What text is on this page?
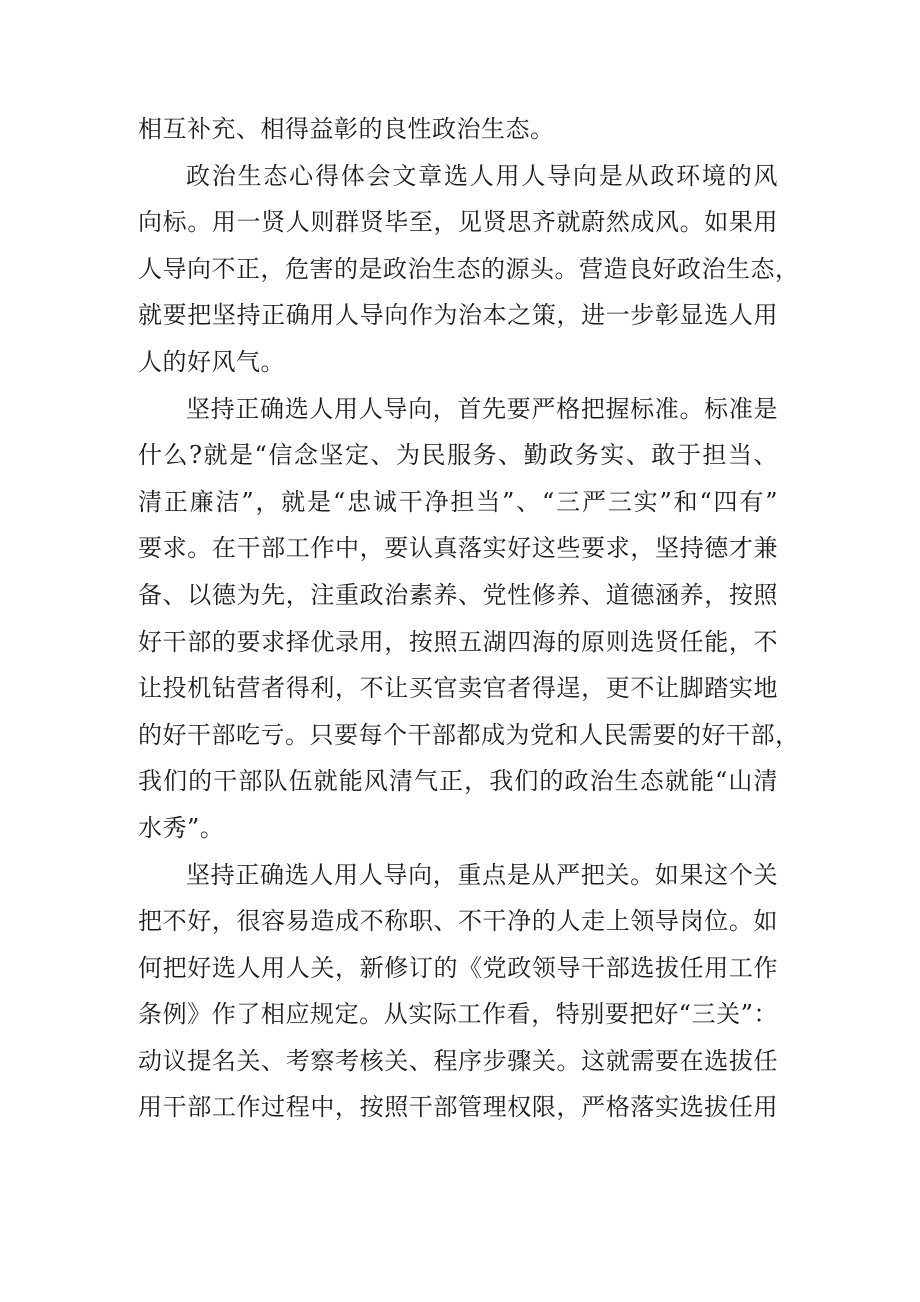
相互补充、相得益彰的良性政治生态。
政治生态心得体会文章选人用人导向是从政环境的风
向标。用一贤人则群贤毕至，见贤思齐就蔚然成风。如果用
人导向不正，危害的是政治生态的源头。营造良好政治生态，
就要把坚持正确用人导向作为治本之策，进一步彰显选人用
人的好风气。
坚持正确选人用人导向，首先要严格把握标准。标准是
什么?就是“信念坚定、为民服务、勤政务实、敢于担当、
清正廉洁”，就是“忠诚干净担当”、“三严三实”和“四有”
要求。在干部工作中，要认真落实好这些要求，坚持德才兼
备、以德为先，注重政治素养、党性修养、道德涵养，按照
好干部的要求择优录用，按照五湖四海的原则选贤任能，不
让投机钻营者得利，不让买官卖官者得逞，更不让脚踏实地
的好干部吃亏。只要每个干部都成为党和人民需要的好干部，
我们的干部队伍就能风清气正，我们的政治生态就能“山清
水秀”。
坚持正确选人用人导向，重点是从严把关。如果这个关
把不好，很容易造成不称职、不干净的人走上领导岗位。如
何把好选人用人关，新修订的《党政领导干部选拔任用工作
条例》作了相应规定。从实际工作看，特别要把好“三关”：
动议提名关、考察考核关、程序步骤关。这就需要在选拔任
用干部工作过程中，按照干部管理权限，严格落实选拔任用
